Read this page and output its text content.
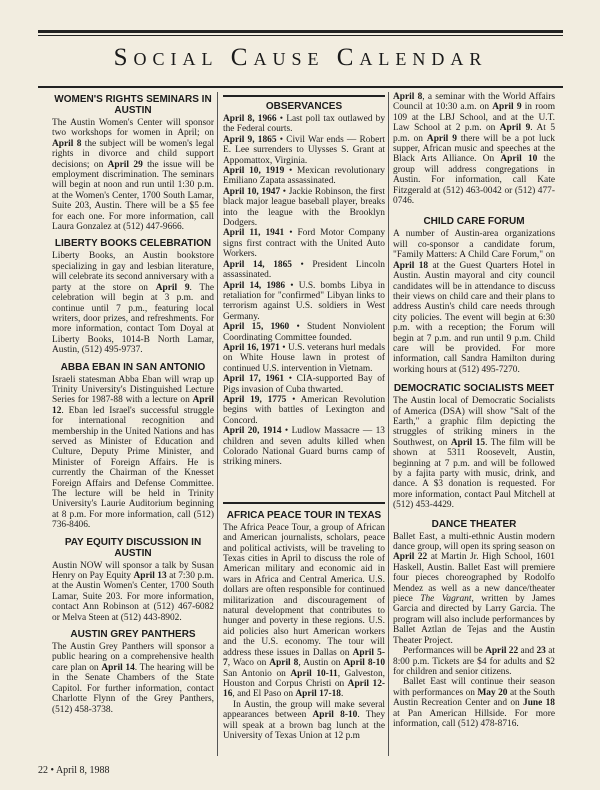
Social Cause Calendar
WOMEN'S RIGHTS SEMINARS IN AUSTIN

The Austin Women's Center will sponsor two workshops for women in April; on April 8 the subject will be women's legal rights in divorce and child support decisions; on April 29 the issue will be employment discrimination. The seminars will begin at noon and run until 1:30 p.m. at the Women's Center, 1700 South Lamar, Suite 203, Austin. There will be a $5 fee for each one. For more information, call Laura Gonzalez at (512) 447-9666.

LIBERTY BOOKS CELEBRATION

Liberty Books, an Austin bookstore specializing in gay and lesbian literature, will celebrate its second anniversary with a party at the store on April 9. The celebration will begin at 3 p.m. and continue until 7 p.m., featuring local writers, door prizes, and refreshments. For more information, contact Tom Doyal at Liberty Books, 1014-B North Lamar, Austin, (512) 495-9737.

ABBA EBAN IN SAN ANTONIO

Israeli statesman Abba Eban will wrap up Trinity University's Distinguished Lecture Series for 1987-88 with a lecture on April 12. Eban led Israel's successful struggle for international recognition and membership in the United Nations and has served as Minister of Education and Culture, Deputy Prime Minister, and Minister of Foreign Affairs. He is currently the Chairman of the Knesset Foreign Affairs and Defense Committee. The lecture will be held in Trinity University's Laurie Auditorium beginning at 8 p.m. For more information, call (512) 736-8406.

PAY EQUITY DISCUSSION IN AUSTIN

Austin NOW will sponsor a talk by Susan Henry on Pay Equity April 13 at 7:30 p.m. at the Austin Women's Center, 1700 South Lamar, Suite 203. For more information, contact Ann Robinson at (512) 467-6082 or Melva Steen at (512) 443-8902.

AUSTIN GREY PANTHERS

The Austin Grey Panthers will sponsor a public hearing on a comprehensive health care plan on April 14. The hearing will be in the Senate Chambers of the State Capitol. For further information, contact Charlotte Flynn of the Grey Panthers, (512) 458-3738.

OBSERVANCES

April 8, 1966 • Last poll tax outlawed by the Federal courts.

April 9, 1865 • Civil War ends — Robert E. Lee surrenders to Ulysses S. Grant at Appomattox, Virginia.

April 10, 1919 • Mexican revolutionary Emiliano Zapata assassinated.

April 10, 1947 • Jackie Robinson, the first black major league baseball player, breaks into the league with the Brooklyn Dodgers.

April 11, 1941 • Ford Motor Company signs first contract with the United Auto Workers.

April 14, 1865 • President Lincoln assassinated.

April 14, 1986 • U.S. bombs Libya in retaliation for "confirmed" Libyan links to terrorism against U.S. soldiers in West Germany.

April 15, 1960 • Student Nonviolent Coordinating Committee founded.

April 16, 1971 • U.S. veterans hurl medals on White House lawn in protest of continued U.S. intervention in Vietnam.

April 17, 1961 • CIA-supported Bay of Pigs invasion of Cuba thwarted.

April 19, 1775 • American Revolution begins with battles of Lexington and Concord.

April 20, 1914 • Ludlow Massacre — 13 children and seven adults killed when Colorado National Guard burns camp of striking miners.

AFRICA PEACE TOUR IN TEXAS

The Africa Peace Tour, a group of African and American journalists, scholars, peace and political activists, will be traveling to Texas cities in April to discuss the role of American military and economic aid in wars in Africa and Central America. U.S. dollars are often responsible for continued militarization and discouragement of natural development that contributes to hunger and poverty in these regions. U.S. aid policies also hurt American workers and the U.S. economy. The tour will address these issues in Dallas on April 5-7, Waco on April 8, Austin on April 8-10 San Antonio on April 10-11, Galveston, Houston and Corpus Christi on April 12-16, and El Paso on April 17-18.

In Austin, the group will make several appearances between April 8-10. They will speak at a brown bag lunch at the University of Texas Union at 12 p.m

April 8, a seminar with the World Affairs Council at 10:30 a.m. on April 9 in room 109 at the LBJ School, and at the U.T. Law School at 2 p.m. on April 9. At 5 p.m. on April 9 there will be a pot luck supper, African music and speeches at the Black Arts Alliance. On April 10 the group will address congregations in Austin. For information, call Kate Fitzgerald at (512) 463-0042 or (512) 477-0746.

CHILD CARE FORUM

A number of Austin-area organizations will co-sponsor a candidate forum, "Family Matters: A Child Care Forum," on April 18 at the Guest Quarters Hotel in Austin. Austin mayoral and city council candidates will be in attendance to discuss their views on child care and their plans to address Austin's child care needs through city policies. The event will begin at 6:30 p.m. with a reception; the Forum will begin at 7 p.m. and run until 9 p.m. Child care will be provided. For more information, call Sandra Hamilton during working hours at (512) 495-7270.

DEMOCRATIC SOCIALISTS MEET

The Austin local of Democratic Socialists of America (DSA) will show "Salt of the Earth," a graphic film depicting the struggles of striking miners in the Southwest, on April 15. The film will be shown at 5311 Roosevelt, Austin, beginning at 7 p.m. and will be followed by a fajita party with music, drink, and dance. A $3 donation is requested. For more information, contact Paul Mitchell at (512) 453-4429.

DANCE THEATER

Ballet East, a multi-ethnic Austin modern dance group, will open its spring season on April 22 at Martin Jr. High School, 1601 Haskell, Austin. Ballet East will premiere four pieces choreographed by Rodolfo Mendez as well as a new dance/theater piece The Vagrant, written by James Garcia and directed by Larry Garcia. The program will also include performances by Ballet Aztlan de Tejas and the Austin Theater Project.

Performances will be April 22 and 23 at 8:00 p.m. Tickets are $4 for adults and $2 for children and senior citizens.

Ballet East will continue their season with performances on May 20 at the South Austin Recreation Center and on June 18 at Pan American Hillside. For more information, call (512) 478-8716.

22 • April 8, 1988
